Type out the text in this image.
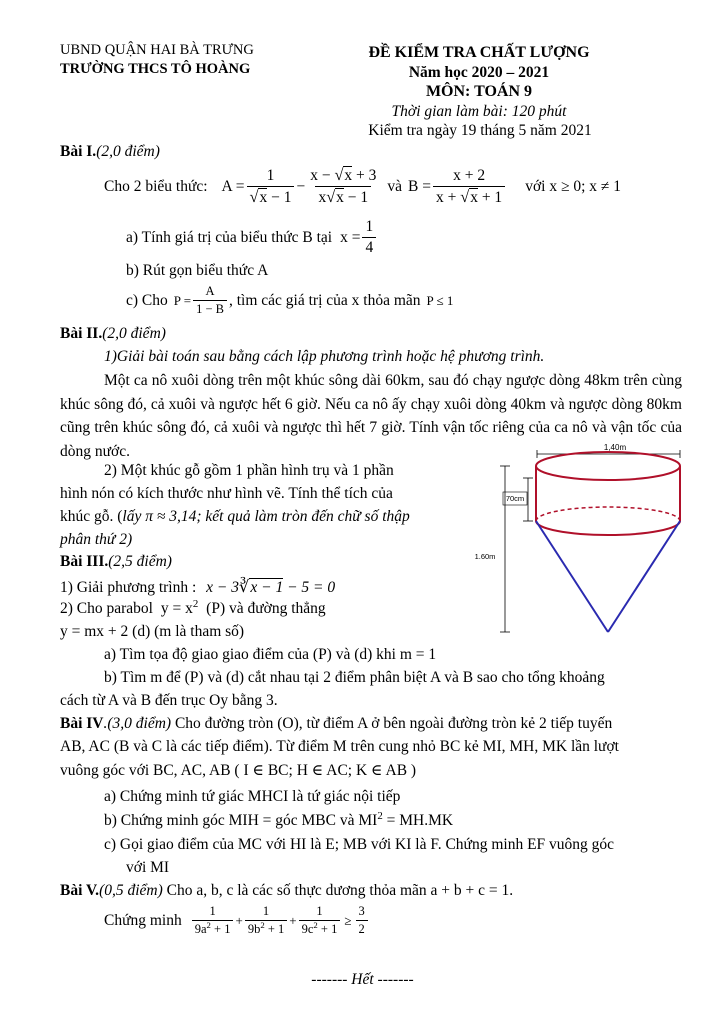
UBND QUẬN HAI BÀ TRƯNG
TRƯỜNG THCS TÔ HOÀNG
ĐỀ KIỂM TRA CHẤT LƯỢNG
Năm học 2020 – 2021
MÔN: TOÁN 9
Thời gian làm bài: 120 phút
Kiểm tra ngày 19 tháng 5 năm 2021
Bài I.(2,0 điểm)
Cho 2 biểu thức: $A = \frac{1}{√x - 1} - \frac{x - √x + 3}{x√x - 1}$ và $B = \frac{x + 2}{x + √x + 1}$ với x ≥ 0; x ≠ 1
a) Tính giá trị của biểu thức B tại $x = \frac{1}{4}$
b) Rút gọn biểu thức A
c) Cho $P = \frac{A}{1 - B}$ , tìm các giá trị của x thỏa mãn P ≤ 1
Bài II.(2,0 điểm)
1)Giải bài toán sau bằng cách lập phương trình hoặc hệ phương trình.
Một ca nô xuôi dòng trên một khúc sông dài 60km, sau đó chạy ngược dòng 48km trên cùng khúc sông đó, cả xuôi và ngược hết 6 giờ. Nếu ca nô ấy chạy xuôi dòng 40km và ngược dòng 80km cũng trên khúc sông đó, cả xuôi và ngược thì hết 7 giờ. Tính vận tốc riêng của ca nô và vận tốc của dòng nước.
2) Một khúc gỗ gồm 1 phần hình trụ và 1 phần
hình nón có kích thước như hình vẽ. Tính thể tích của
khúc gỗ. (lấy π ≈ 3,14; kết quả làm tròn đến chữ số thập
phân thứ 2)
1,40m
70cm
1.60m
Bài III.(2,5 điểm)
1) Giải phương trình : x − 3∛x − 1 − 5 = 0
2) Cho parabol $y = x^2$ (P) và đường thẳng
y = mx + 2 (d) (m là tham số)
a) Tìm tọa độ giao giao điểm của (P) và (d) khi m = 1
b) Tìm m để (P) và (d) cắt nhau tại 2 điểm phân biệt A và B sao cho tổng khoảng
cách từ A và B đến trục Oy bằng 3.
Bài IV.(3,0 điểm) Cho đường tròn (O), từ điểm A ở bên ngoài đường tròn kẻ 2 tiếp tuyến
AB, AC (B và C là các tiếp điểm). Từ điểm M trên cung nhỏ BC kẻ MI, MH, MK lần lượt
vuông góc với BC, AC, AB ( I ∈ BC; H ∈ AC; K ∈ AB )
a) Chứng minh tứ giác MHCI là tứ giác nội tiếp
b) Chứng minh góc MIH = góc MBC và $MI^2 = MH.MK$
c) Gọi giao điểm của MC với HI là E; MB với KI là F. Chứng minh EF vuông góc
với MI
Bài V.(0,5 điểm) Cho a, b, c là các số thực dương thỏa mãn a + b + c = 1.
Chứng minh $\frac{1}{9a^2 + 1} + \frac{1}{9b^2 + 1} + \frac{1}{9c^2 + 1} \ge \frac{3}{2}$
------- Hết -------
